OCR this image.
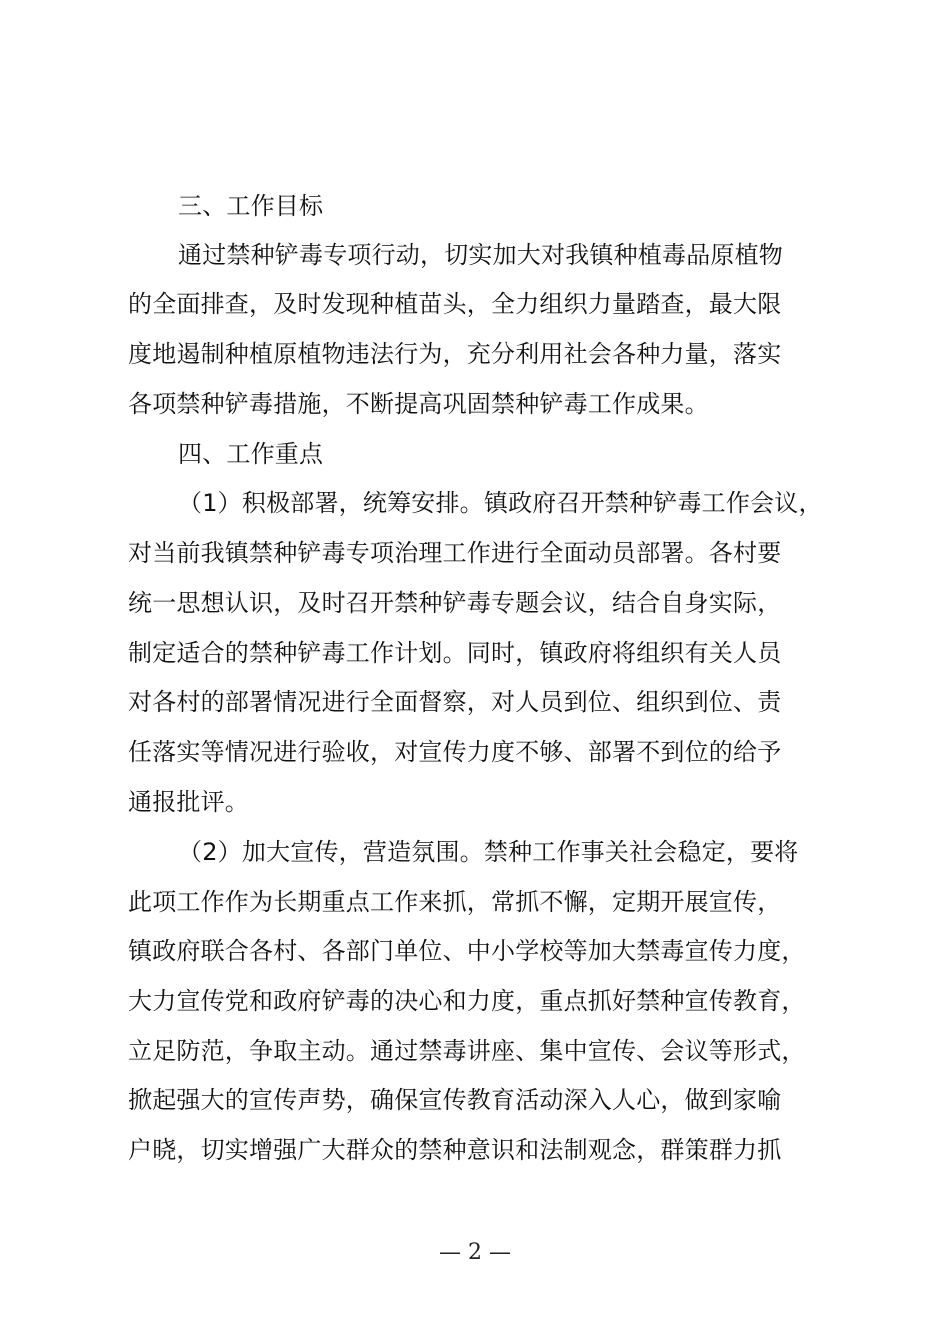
三、工作目标
通过禁种铲毒专项行动，切实加大对我镇种植毒品原植物
的全面排查，及时发现种植苗头，全力组织力量踏查，最大限
度地遏制种植原植物违法行为，充分利用社会各种力量，落实
各项禁种铲毒措施，不断提高巩固禁种铲毒工作成果。
四、工作重点
（1）积极部署，统筹安排。镇政府召开禁种铲毒工作会议，
对当前我镇禁种铲毒专项治理工作进行全面动员部署。各村要
统一思想认识，及时召开禁种铲毒专题会议，结合自身实际，
制定适合的禁种铲毒工作计划。同时，镇政府将组织有关人员
对各村的部署情况进行全面督察，对人员到位、组织到位、责
任落实等情况进行验收，对宣传力度不够、部署不到位的给予
通报批评。
（2）加大宣传，营造氛围。禁种工作事关社会稳定，要将
此项工作作为长期重点工作来抓，常抓不懈，定期开展宣传，
镇政府联合各村、各部门单位、中小学校等加大禁毒宣传力度，
大力宣传党和政府铲毒的决心和力度，重点抓好禁种宣传教育，
立足防范，争取主动。通过禁毒讲座、集中宣传、会议等形式，
掀起强大的宣传声势，确保宣传教育活动深入人心，做到家喻
户晓，切实增强广大群众的禁种意识和法制观念，群策群力抓
— 2 —
